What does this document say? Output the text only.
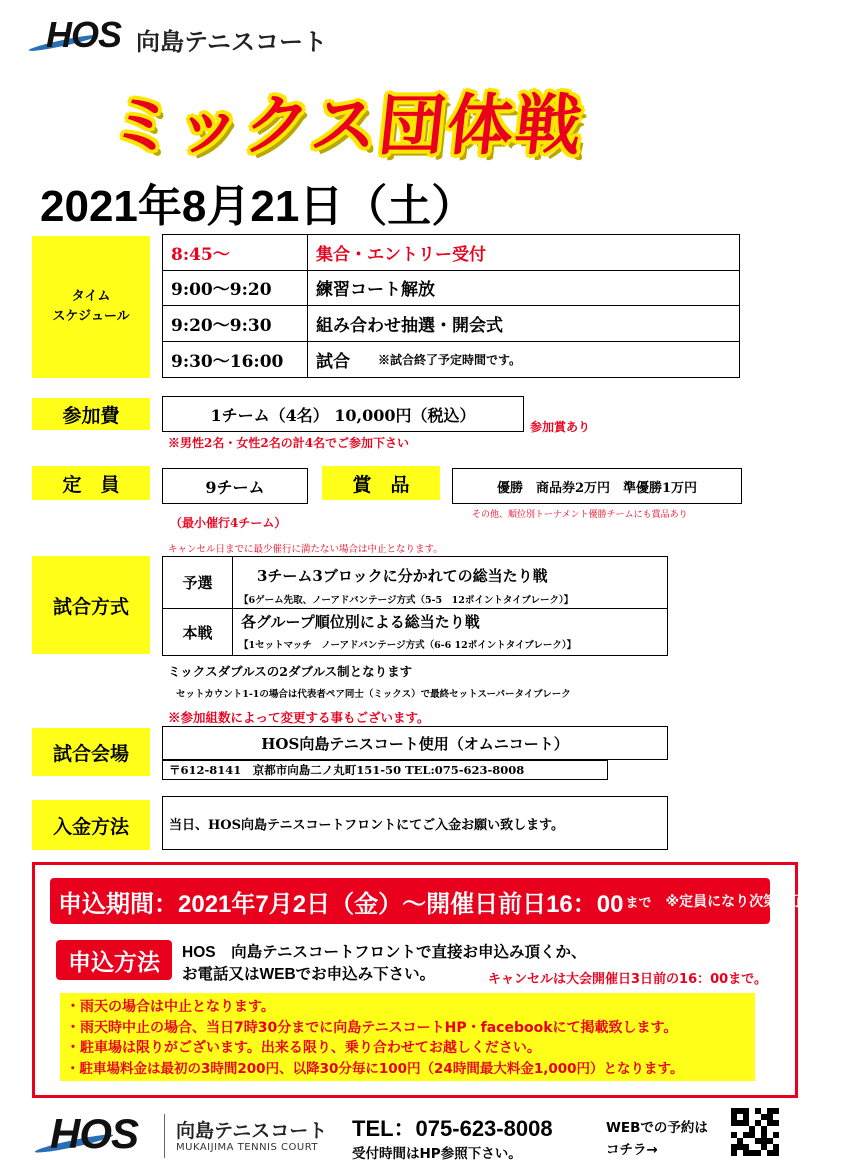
HOS 向島テニスコート
ミックス団体戦
2021年8月21日（土）
タイム
スケジュール
8:45～	集合・エントリー受付
9:00～9:20	練習コート解放
9:20～9:30	組み合わせ抽選・開会式
9:30～16:00	試合 ※試合終了予定時間です。
参加費	1チーム（4名） 10,000円（税込）
参加賞あり
※男性2名・女性2名の計4名でご参加下さい
定　員	9チーム	賞　品	優勝　商品券2万円　準優勝1万円
（最小催行4チーム）
その他、順位別トーナメント優勝チームにも賞品あり
キャンセル日までに最少催行に満たない場合は中止となります。
試合方式
予選	3チーム3ブロックに分かれての総当たり戦
【6ゲーム先取、ノーアドバンテージ方式（5-5　12ポイントタイブレーク）】
本戦
各グループ順位別による総当たり戦
【1セットマッチ　ノーアドバンテージ方式（6-6 12ポイントタイブレーク）】
ミックスダブルスの2ダブルス制となります
セットカウント1-1の場合は代表者ペア同士（ミックス）で最終セットスーパータイブレーク
※参加組数によって変更する事もございます。
試合会場	HOS向島テニスコート使用（オムニコート）
〒612-8141　京都市向島二ノ丸町151-50 TEL:075-623-8008
入金方法	当日、HOS向島テニスコートフロントにてご入金お願い致します。
申込期間：2021年7月2日（金）～開催日前日16：00 まで ※定員になり次第終了です。
申込方法	HOS　向島テニスコートフロントで直接お申込み頂くか、
お電話又はWEBでお申込み下さい。	キャンセルは大会開催日3日前の16：00まで。
・雨天の場合は中止となります。
・雨天時中止の場合、当日7時30分までに向島テニスコートHP・facebookにて掲載致します。
・駐車場は限りがございます。出来る限り、乗り合わせてお越しください。
・駐車場料金は最初の3時間200円、以降30分毎に100円（24時間最大料金1,000円）となります。
HOS 向島テニスコート
MUKAIJIMA TENNIS COURT
TEL：075-623-8008
受付時間はHP参照下さい。
WEBでの予約は
コチラ→
